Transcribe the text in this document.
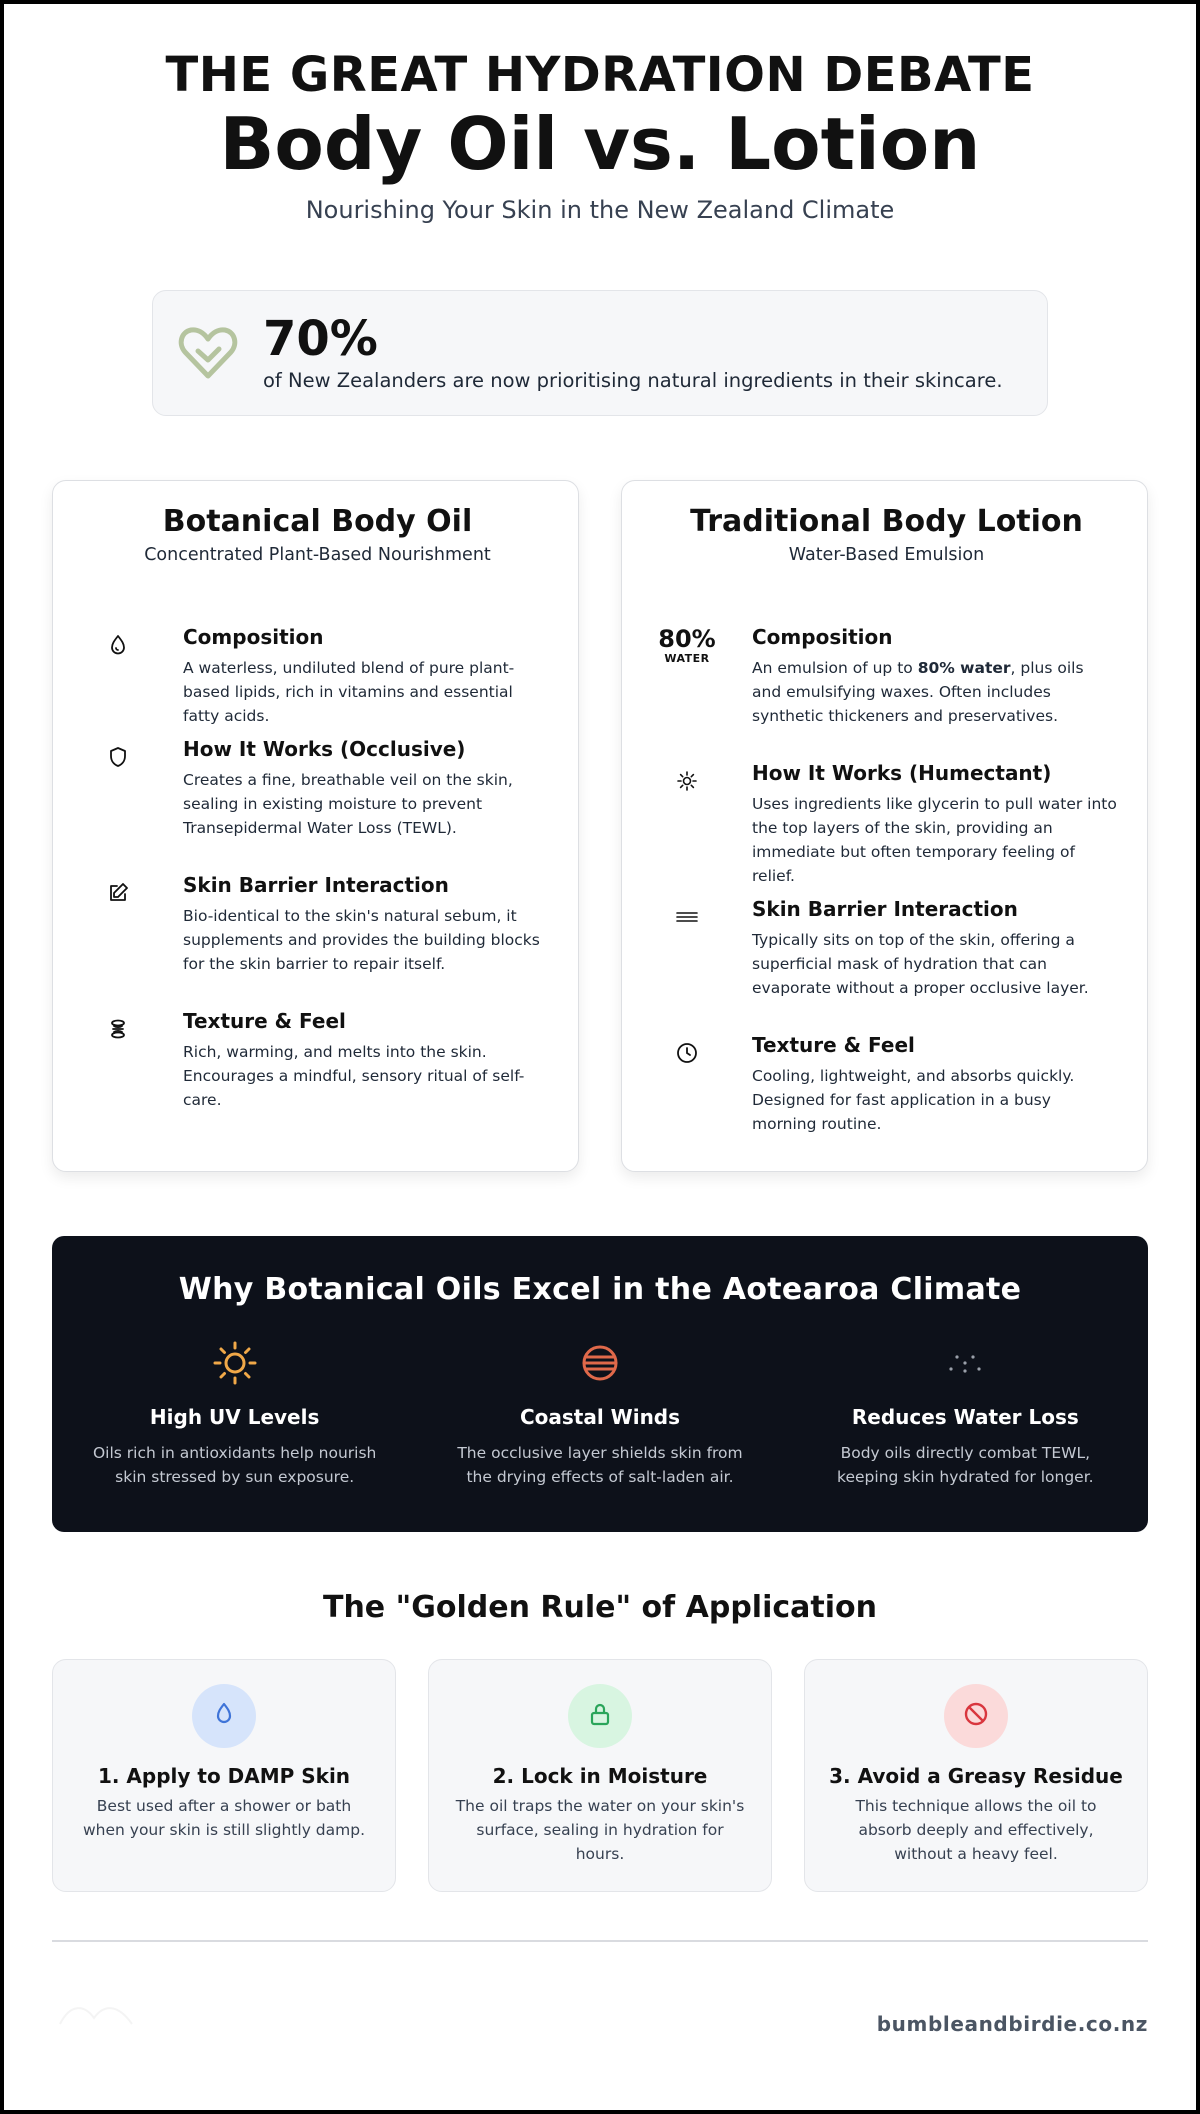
THE GREAT HYDRATION DEBATE
Body Oil vs. Lotion
Nourishing Your Skin in the New Zealand Climate
70%
of New Zealanders are now prioritising natural ingredients in their skincare.
Botanical Body Oil
Concentrated Plant-Based Nourishment
Composition
A waterless, undiluted blend of pure plant-based lipids, rich in vitamins and essential fatty acids.
How It Works (Occlusive)
Creates a fine, breathable veil on the skin, sealing in existing moisture to prevent Transepidermal Water Loss (TEWL).
Skin Barrier Interaction
Bio-identical to the skin's natural sebum, it supplements and provides the building blocks for the skin barrier to repair itself.
Texture & Feel
Rich, warming, and melts into the skin. Encourages a mindful, sensory ritual of self-care.
Traditional Body Lotion
Water-Based Emulsion
80%
WATER
Composition
An emulsion of up to 80% water, plus oils and emulsifying waxes. Often includes synthetic thickeners and preservatives.
How It Works (Humectant)
Uses ingredients like glycerin to pull water into the top layers of the skin, providing an immediate but often temporary feeling of relief.
Skin Barrier Interaction
Typically sits on top of the skin, offering a superficial mask of hydration that can evaporate without a proper occlusive layer.
Texture & Feel
Cooling, lightweight, and absorbs quickly. Designed for fast application in a busy morning routine.
Why Botanical Oils Excel in the Aotearoa Climate
High UV Levels
Oils rich in antioxidants help nourish skin stressed by sun exposure.
Coastal Winds
The occlusive layer shields skin from the drying effects of salt-laden air.
Reduces Water Loss
Body oils directly combat TEWL, keeping skin hydrated for longer.
The "Golden Rule" of Application
1. Apply to DAMP Skin
Best used after a shower or bath when your skin is still slightly damp.
2. Lock in Moisture
The oil traps the water on your skin's surface, sealing in hydration for hours.
3. Avoid a Greasy Residue
This technique allows the oil to absorb deeply and effectively, without a heavy feel.
bumbleandbirdie.co.nz
